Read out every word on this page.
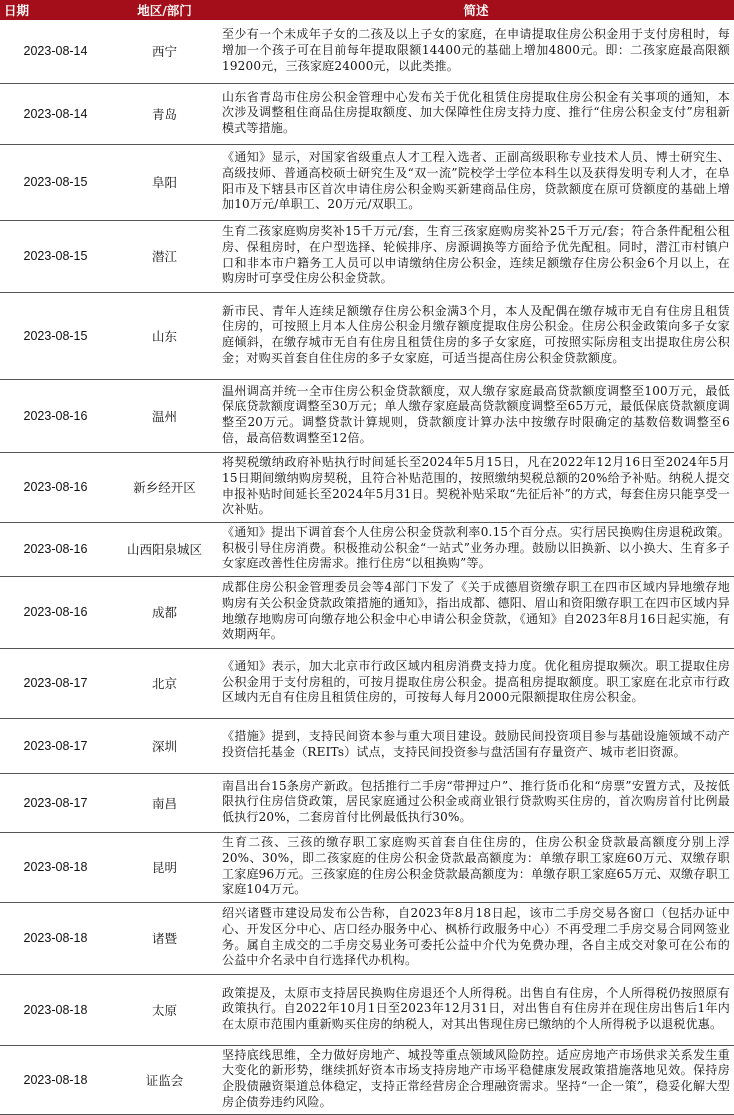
日期	地区/部门	简述
2023-08-14	西宁	至少有一个未成年子女的二孩及以上子女的家庭，在申请提取住房公积金用于支付房租时，每增加一个孩子可在目前每年提取限额14400元的基础上增加4800元。即：二孩家庭最高限额19200元，三孩家庭24000元，以此类推。
2023-08-14	青岛	山东省青岛市住房公积金管理中心发布关于优化租赁住房提取住房公积金有关事项的通知，本次涉及调整租住商品住房提取额度、加大保障性住房支持力度、推行“住房公积金支付”房租新模式等措施。
2023-08-15	阜阳	《通知》显示，对国家省级重点人才工程入选者、正副高级职称专业技术人员、博士研究生、高级技师、普通高校硕士研究生及“双一流”院校学士学位本科生以及获得发明专利人才，在阜阳市及下辖县市区首次申请住房公积金购买新建商品住房，贷款额度在原可贷额度的基础上增加10万元/单职工、20万元/双职工。
2023-08-15	潜江	生育二孩家庭购房奖补15千万元/套，生育三孩家庭购房奖补25千万元/套；符合条件配租公租房、保租房时，在户型选择、轮候排序、房源调换等方面给予优先配租。同时，潜江市村镇户口和非本市户籍务工人员可以申请缴纳住房公积金，连续足额缴存住房公积金6个月以上，在购房时可享受住房公积金贷款。
2023-08-15	山东	新市民、青年人连续足额缴存住房公积金满3个月，本人及配偶在缴存城市无自有住房且租赁住房的，可按照上月本人住房公积金月缴存额度提取住房公积金。住房公积金政策向多子女家庭倾斜，在缴存城市无自有住房且租赁住房的多子女家庭，可按照实际房租支出提取住房公积金；对购买首套自住住房的多子女家庭，可适当提高住房公积金贷款额度。
2023-08-16	温州	温州调高并统一全市住房公积金贷款额度，双人缴存家庭最高贷款额度调整至100万元，最低保底贷款额度调整至30万元；单人缴存家庭最高贷款额度调整至65万元，最低保底贷款额度调整至20万元。调整贷款计算规则，贷款额度计算办法中按缴存时限确定的基数倍数调整至6倍，最高倍数调整至12倍。
2023-08-16	新乡经开区	将契税缴纳政府补贴执行时间延长至2024年5月15日，凡在2022年12月16日至2024年5月15日期间缴纳购房契税，且符合补贴范围的，按照缴纳契税总额的20%给予补贴。纳税人提交申报补贴时间延长至2024年5月31日。契税补贴采取“先征后补”的方式，每套住房只能享受一次补贴。
2023-08-16	山西阳泉城区	《通知》提出下调首套个人住房公积金贷款利率0.15个百分点。实行居民换购住房退税政策。积极引导住房消费。积极推动公积金“一站式”业务办理。鼓励以旧换新、以小换大、生育多子女家庭改善性住房需求。推行住房“以租换购”等。
2023-08-16	成都	成都住房公积金管理委员会等4部门下发了《关于成德眉资缴存职工在四市区域内异地缴存地购房有关公积金贷款政策措施的通知》，指出成都、德阳、眉山和资阳缴存职工在四市区域内异地缴存地购房可向缴存地公积金中心申请公积金贷款，《通知》自2023年8月16日起实施，有效期两年。
2023-08-17	北京	《通知》表示，加大北京市行政区域内租房消费支持力度。优化租房提取频次。职工提取住房公积金用于支付房租的，可按月提取住房公积金。提高租房提取额度。职工家庭在北京市行政区域内无自有住房且租赁住房的，可按每人每月2000元限额提取住房公积金。
2023-08-17	深圳	《措施》提到，支持民间资本参与重大项目建设。鼓励民间投资项目参与基础设施领域不动产投资信托基金（REITs）试点，支持民间投资参与盘活国有存量资产、城市老旧资源。
2023-08-17	南昌	南昌出台15条房产新政。包括推行二手房“带押过户”、推行货币化和“房票”安置方式，及按低限执行住房信贷政策，居民家庭通过公积金或商业银行贷款购买住房的，首次购房首付比例最低执行20%，二套房首付比例最低执行30%。
2023-08-18	昆明	生育二孩、三孩的缴存职工家庭购买首套自住住房的，住房公积金贷款最高额度分别上浮20%、30%，即二孩家庭的住房公积金贷款最高额度为：单缴存职工家庭60万元、双缴存职工家庭96万元。三孩家庭的住房公积金贷款最高额度为：单缴存职工家庭65万元、双缴存职工家庭104万元。
2023-08-18	诸暨	绍兴诸暨市建设局发布公告称，自2023年8月18日起，该市二手房交易各窗口（包括办证中心、开发区分中心、店口经办服务中心、枫桥行政服务中心）不再受理二手房交易合同网签业务。属自主成交的二手房交易业务可委托公益中介代为免费办理，各自主成交对象可在公布的公益中介名录中自行选择代办机构。
2023-08-18	太原	政策提及，太原市支持居民换购住房退还个人所得税。出售自有住房，个人所得税仍按照原有政策执行。自2022年10月1日至2023年12月31日，对出售自有住房并在现住房出售后1年内在太原市范围内重新购买住房的纳税人，对其出售现住房已缴纳的个人所得税予以退税优惠。
2023-08-18	证监会	坚持底线思维，全力做好房地产、城投等重点领域风险防控。适应房地产市场供求关系发生重大变化的新形势，继续抓好资本市场支持房地产市场平稳健康发展政策措施落地见效。保持房企股债融资渠道总体稳定，支持正常经营房企合理融资需求。坚持“一企一策”，稳妥化解大型房企债券违约风险。
